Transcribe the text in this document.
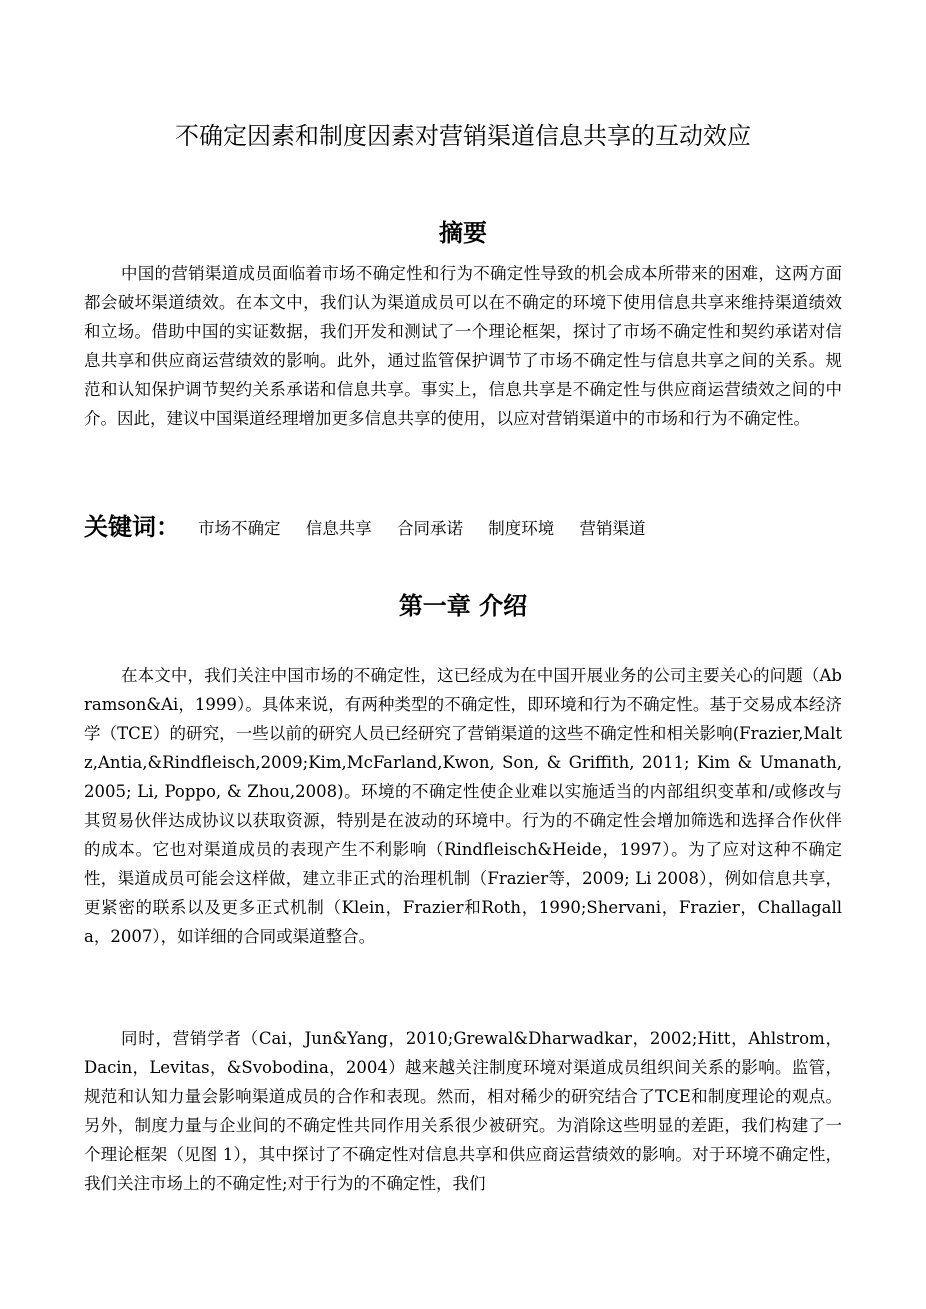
不确定因素和制度因素对营销渠道信息共享的互动效应
摘要

中国的营销渠道成员面临着市场不确定性和行为不确定性导致的机会成本所带来的困难，这两方面都会破坏渠道绩效。在本文中，我们认为渠道成员可以在不确定的环境下使用信息共享来维持渠道绩效和立场。借助中国的实证数据，我们开发和测试了一个理论框架，探讨了市场不确定性和契约承诺对信息共享和供应商运营绩效的影响。此外，通过监管保护调节了市场不确定性与信息共享之间的关系。规范和认知保护调节契约关系承诺和信息共享。事实上，信息共享是不确定性与供应商运营绩效之间的中介。因此，建议中国渠道经理增加更多信息共享的使用，以应对营销渠道中的市场和行为不确定性。

关键词： 市场不确定 信息共享 合同承诺 制度环境 营销渠道
第一章 介绍

在本文中，我们关注中国市场的不确定性，这已经成为在中国开展业务的公司主要关心的问题（Abramson&Ai，1999）。具体来说，有两种类型的不确定性，即环境和行为不确定性。基于交易成本经济学（TCE）的研究，一些以前的研究人员已经研究了营销渠道的这些不确定性和相关影响(Frazier,Maltz,Antia,&Rindfleisch,2009;Kim,McFarland,Kwon, Son, & Griffith, 2011; Kim & Umanath, 2005; Li, Poppo, & Zhou,2008)。环境的不确定性使企业难以实施适当的内部组织变革和/或修改与其贸易伙伴达成协议以获取资源，特别是在波动的环境中。行为的不确定性会增加筛选和选择合作伙伴的成本。它也对渠道成员的表现产生不利影响（Rindfleisch&Heide，1997）。为了应对这种不确定性，渠道成员可能会这样做，建立非正式的治理机制（Frazier等，2009; Li 2008），例如信息共享，更紧密的联系以及更多正式机制（Klein，Frazier和Roth，1990;Shervani，Frazier，Challagalla，2007），如详细的合同或渠道整合。

同时，营销学者（Cai，Jun&Yang，2010;Grewal&Dharwadkar，2002;Hitt，Ahlstrom，Dacin，Levitas，&Svobodina，2004）越来越关注制度环境对渠道成员组织间关系的影响。监管，规范和认知力量会影响渠道成员的合作和表现。然而，相对稀少的研究结合了TCE和制度理论的观点。另外，制度力量与企业间的不确定性共同作用关系很少被研究。为消除这些明显的差距，我们构建了一个理论框架（见图 1），其中探讨了不确定性对信息共享和供应商运营绩效的影响。对于环境不确定性，我们关注市场上的不确定性;对于行为的不确定性，我们
